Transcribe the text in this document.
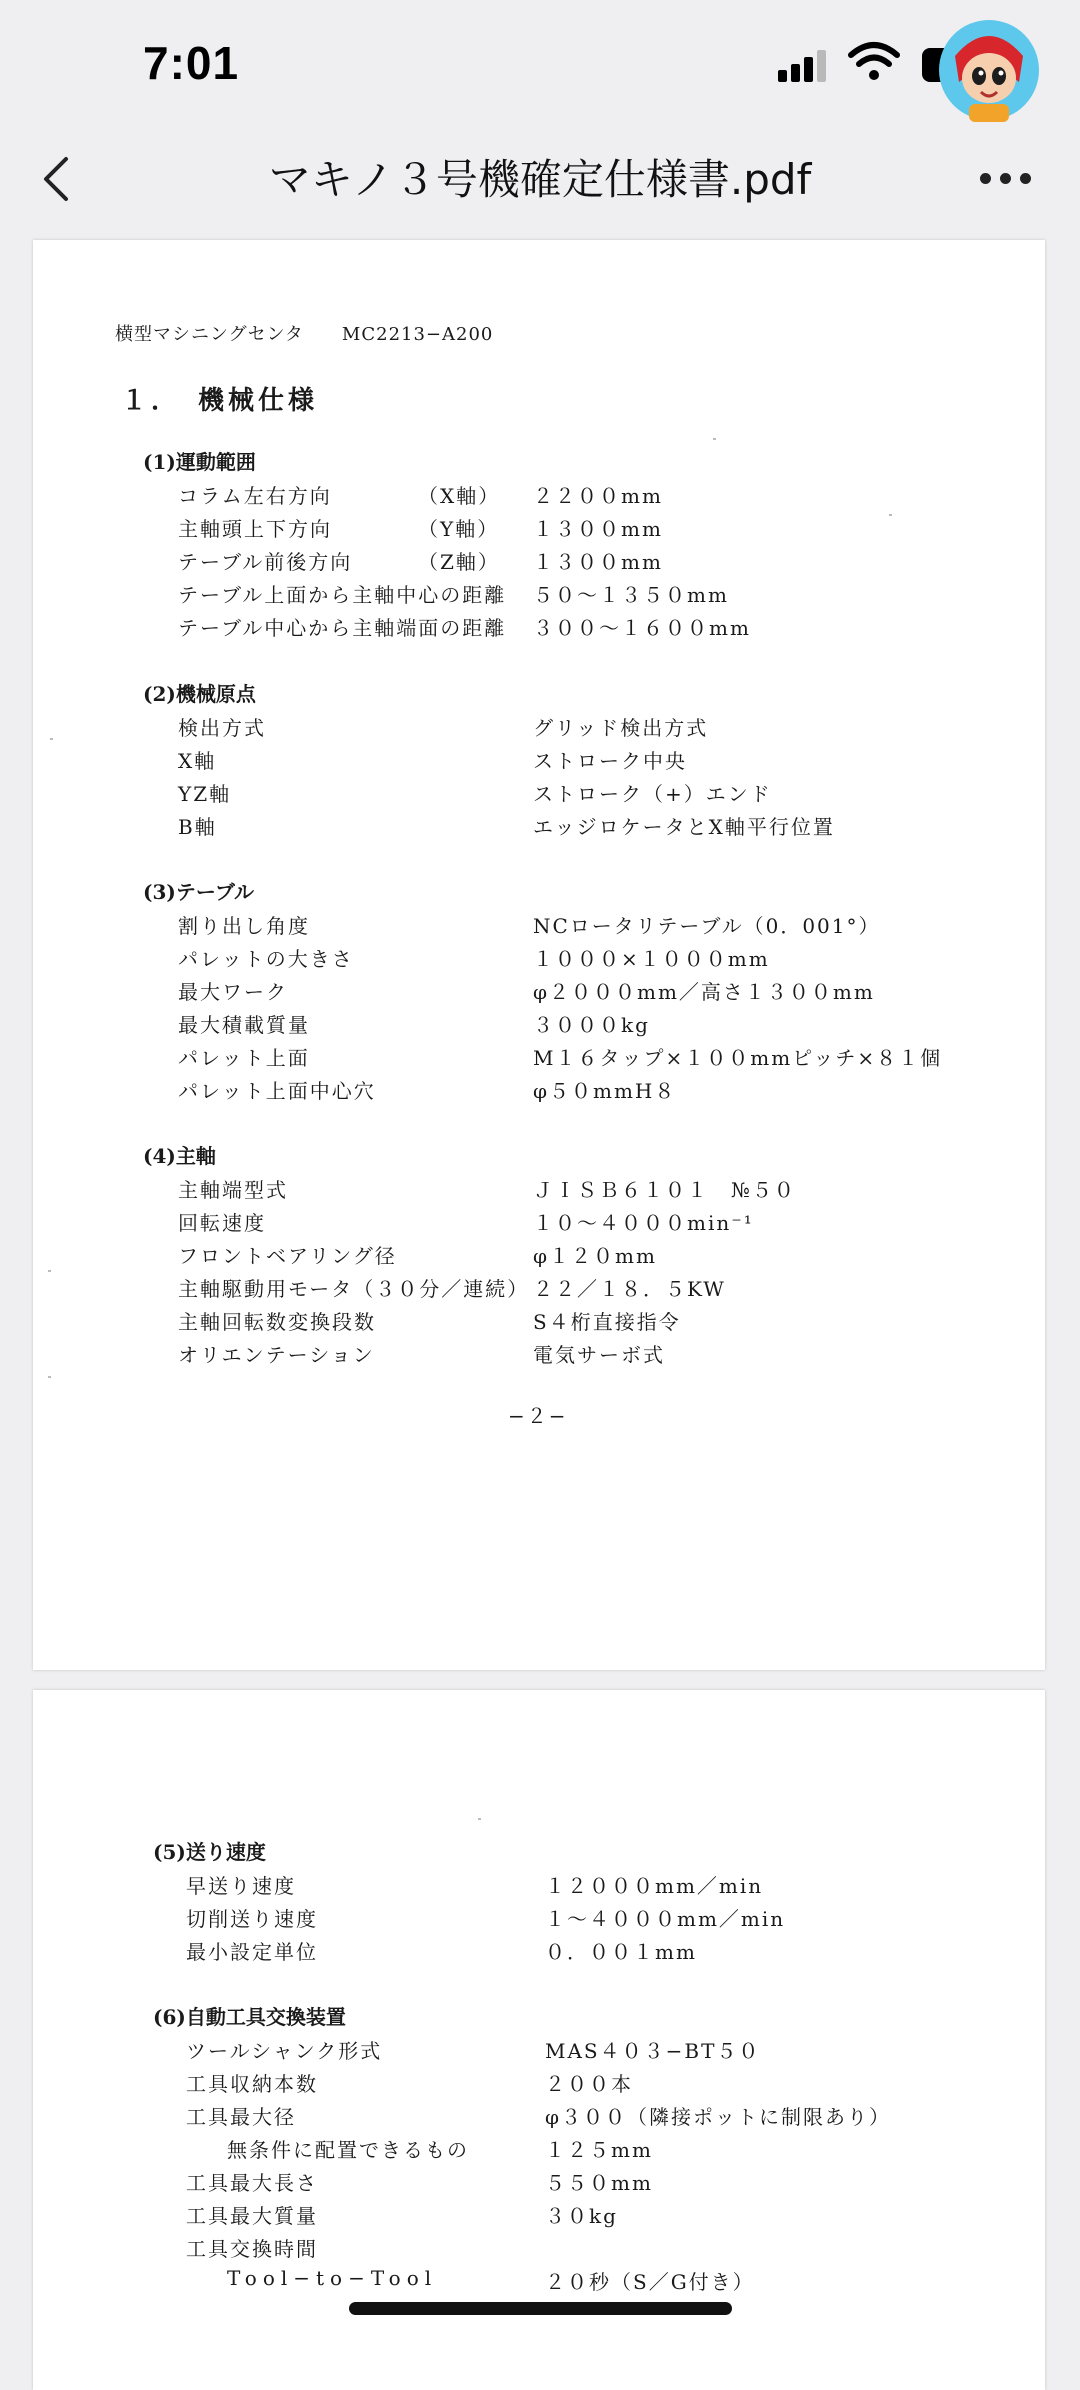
7:01
マキノ３号機確定仕様書.pdf
横型マシニングセンタ　　MC2213−A200
１．　機械仕様
(1)運動範囲
コラム左右方向	（X軸） ２２００mm
主軸頭上下方向	（Y軸） １３００mm
テーブル前後方向	（Z軸） １３００mm
テーブル上面から主軸中心の距離 ５０〜１３５０mm
テーブル中心から主軸端面の距離 ３００〜１６００mm
(2)機械原点
検出方式	グリッド検出方式
X軸	ストローク中央
YZ軸	ストローク（+）エンド
B軸	エッジロケータとX軸平行位置
(3)テーブル
割り出し角度	NCロータリテーブル（0．001°）
パレットの大きさ	１０００×１０００mm
最大ワーク	φ２０００mm／高さ１３００mm
最大積載質量	３０００kg
パレット上面	M１６タップ×１００mmピッチ×８１個
パレット上面中心穴	φ５０mmH８
(4)主軸
主軸端型式	ＪＩＳＢ６１０１　№５０
回転速度	１０〜４０００min⁻¹
フロントベアリング径	φ１２０mm
主軸駆動用モータ（３０分／連続） ２２／１８．５KW
主軸回転数変換段数	S４桁直接指令
オリエンテーション	電気サーボ式
−２−
(5)送り速度
早送り速度	１２０００mm／min
切削送り速度	１〜４０００mm／min
最小設定単位	０．００１mm
(6)自動工具交換装置
ツールシャンク形式	MAS４０３−BT５０
工具収納本数	２００本
工具最大径	φ３００（隣接ポットに制限あり）
無条件に配置できるもの	１２５mm
工具最大長さ	５５０mm
工具最大質量	３０kg
工具交換時間
Tool−to−Tool	２０秒（S／G付き）
